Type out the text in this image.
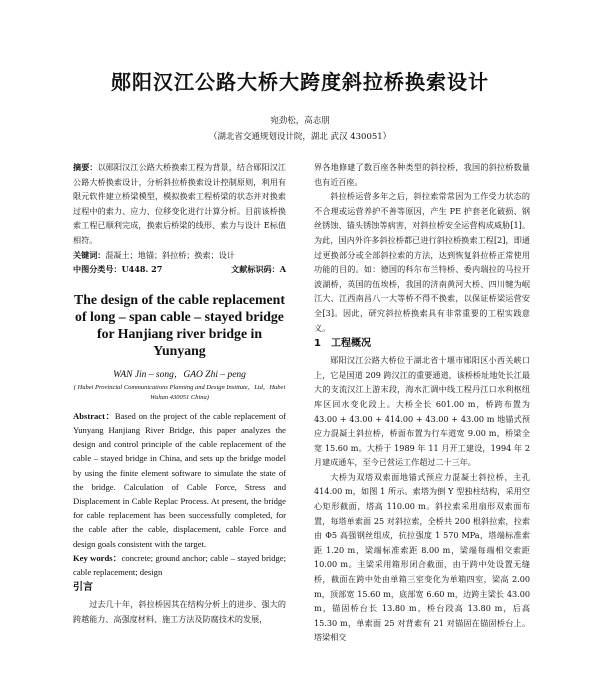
郧阳汉江公路大桥大跨度斜拉桥换索设计
宛劲松，高志朋
（湖北省交通规划设计院，湖北 武汉 430051）

摘要：以郧阳汉江公路大桥换索工程为背景，结合郧阳汉江公路大桥换索设计，分析斜拉桥换索设计控制原则，利用有限元软件建立桥梁模型，模拟换索工程桥梁的状态并对换索过程中的索力、应力、位移变化进行计算分析。目前该桥换索工程已顺利完成，换索后桥梁的线形、索力与设计 E标值相符。

关键词：混凝土；地锚；斜拉桥；换索；设计

中图分类号：U448. 27	文献标识码：A
The design of the cable replacement of long – span cable – stayed bridge for Hanjiang river bridge in Yunyang
WAN Jin – song，GAO Zhi – peng
( Hubei Provincial Communications Planning and Design Institute，Ltd，Hubei Wuhan 430051 China)

Abstract：Based on the project of the cable replacement of Yunyang Hanjiang River Bridge, this paper analyzes the design and control principle of the cable replacement of the cable – stayed bridge in China, and sets up the bridge model by using the finite element software to simulate the state of the bridge. Calculation of Cable Force, Stress and Displacement in Cable Replac Process. At present, the bridge for cable replacement has been successfully completed, for the cable after the cable, displacement, cable Force and design goals consistent with the target.

Key words：concrete; ground anchor; cable – stayed bridge; cable replacement; design

引言

过去几十年，斜拉桥因其在结构分析上的进步、强大的跨越能力、高强度材料、施工方法及防腐技术的发展，

界各地修建了数百座各种类型的斜拉桥，我国的斜拉桥数量也有近百座。

斜拉桥运营多年之后，斜拉索常常因为工作受力状态的不合理或运营养护不善等原因，产生 PE 护套老化破损、钢丝锈蚀、锚头锈蚀等病害，对斜拉桥安全运营构成威胁[1]。为此，国内外许多斜拉桥都已进行斜拉桥换索工程[2]，即通过更换部分或全部斜拉索的方法，达到恢复斜拉桥正常使用功能的目的。如：德国的科尔布兰特桥、委内瑞拉的马拉开波湖桥，英国的伍埃桥，我国的济南黄河大桥、四川犍为岷江大、江西南昌八一大等桥不得不换索，以保证桥梁运营安全[3]。因此，研究斜拉桥换索具有非常重要的工程实践意义。

1　工程概况

郧阳汉江公路大桥位于湖北省十堰市郧阳区小西关峡口上，它是国道 209 跨汉江的重要通道，该桥桥址地处长江最大的支流汉江上游末段，海水汇调中线工程丹江口水利枢纽库区回水变化段上。大桥全长 601.00 m，桥跨布置为 43.00 + 43.00 + 414.00 + 43.00 + 43.00 m 地锚式预应力混凝土斜拉桥，桥面布置为行车道宽 9.00 m，桥梁全宽 15.60 m。大桥于 1989 年 11 月开工建设，1994 年 2 月建成通车，至今已营运工作超过二十三年。

大桥为双塔双索面地锚式预应力混凝土斜拉桥，主孔 414.00 m，如图 1 所示。索塔为倒 Y 型独柱结构，采用空心矩形截面，塔高 110.00 m。斜拉索采用扇形双索面布置，每塔单索面 25 对斜拉索，全桥共 200 根斜拉索，拉索由 Φ5 高强钢丝组成，抗拉强度 1 570 MPa，塔端标准索距 1.20 m，梁端标准索距 8.00 m，梁端每端相交索距 10.00 m。主梁采用箱形闭合截面，由于跨中处设置无缝桥，截面在跨中处由单箱三室变化为单箱四室，梁高 2.00 m，顶部宽 15.60 m，底部宽 6.60 m，边跨主梁长 43.00 m，锚固桥台长 13.80 m，桥台段高 13.80 m，后高 15.30 m，单索面 25 对背索有 21 对锚固在锚固桥台上。塔梁相交
